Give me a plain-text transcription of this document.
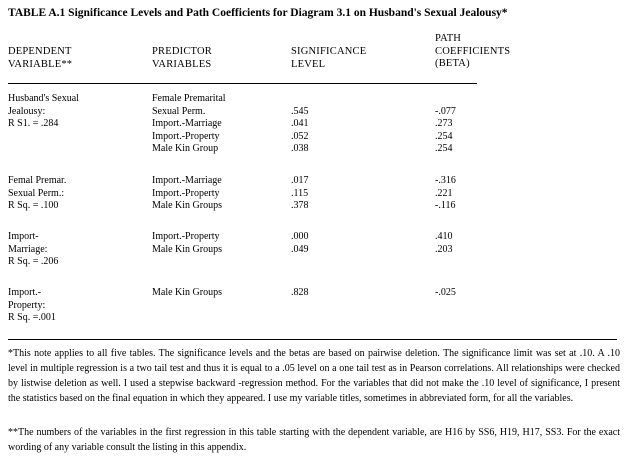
TABLE A.1 Significance Levels and Path Coefficients for Diagram 3.1 on Husband's Sexual Jealousy*
DEPENDENT
VARIABLE**
PREDICTOR
VARIABLES
SIGNIFICANCE
LEVEL
PATH
COEFFICIENTS
(BETA)
Husband's Sexual
Jealousy:
R S1. = .284
Female Premarital
Sexual Perm.
Import.-Marriage
Import.-Property
Male Kin Group

.545
.041
.052
.038

-.077
.273
.254
.254
Femal Premar.
Sexual Perm.:
R Sq. = .100
Import.-Marriage
Import.-Property
Male Kin Groups
.017
.115
.378
-.316
.221
-.116
Import-
Marriage:
R Sq. = .206
Import.-Property
Male Kin Groups
.000
.049
.410
.203
Import.-
Property:
R Sq. =.001
Male Kin Groups	.828	-.025

*This note applies to all five tables. The significance levels and the betas are based on pairwise deletion. The significance limit was set at .10. A .10 level in multiple regression is a two tail test and thus it is equal to a .05 level on a one tail test as in Pearson correlations. All relationships were checked by listwise deletion as well. I used a stepwise backward -regression method. For the variables that did not make the .10 level of significance, I present the statistics based on the final equation in which they appeared. I use my variable titles, sometimes in abbreviated form, for all the variables.

**The numbers of the variables in the first regression in this table starting with the dependent variable, are H16 by SS6, H19, H17, SS3. For the exact wording of any variable consult the listing in this appendix.
